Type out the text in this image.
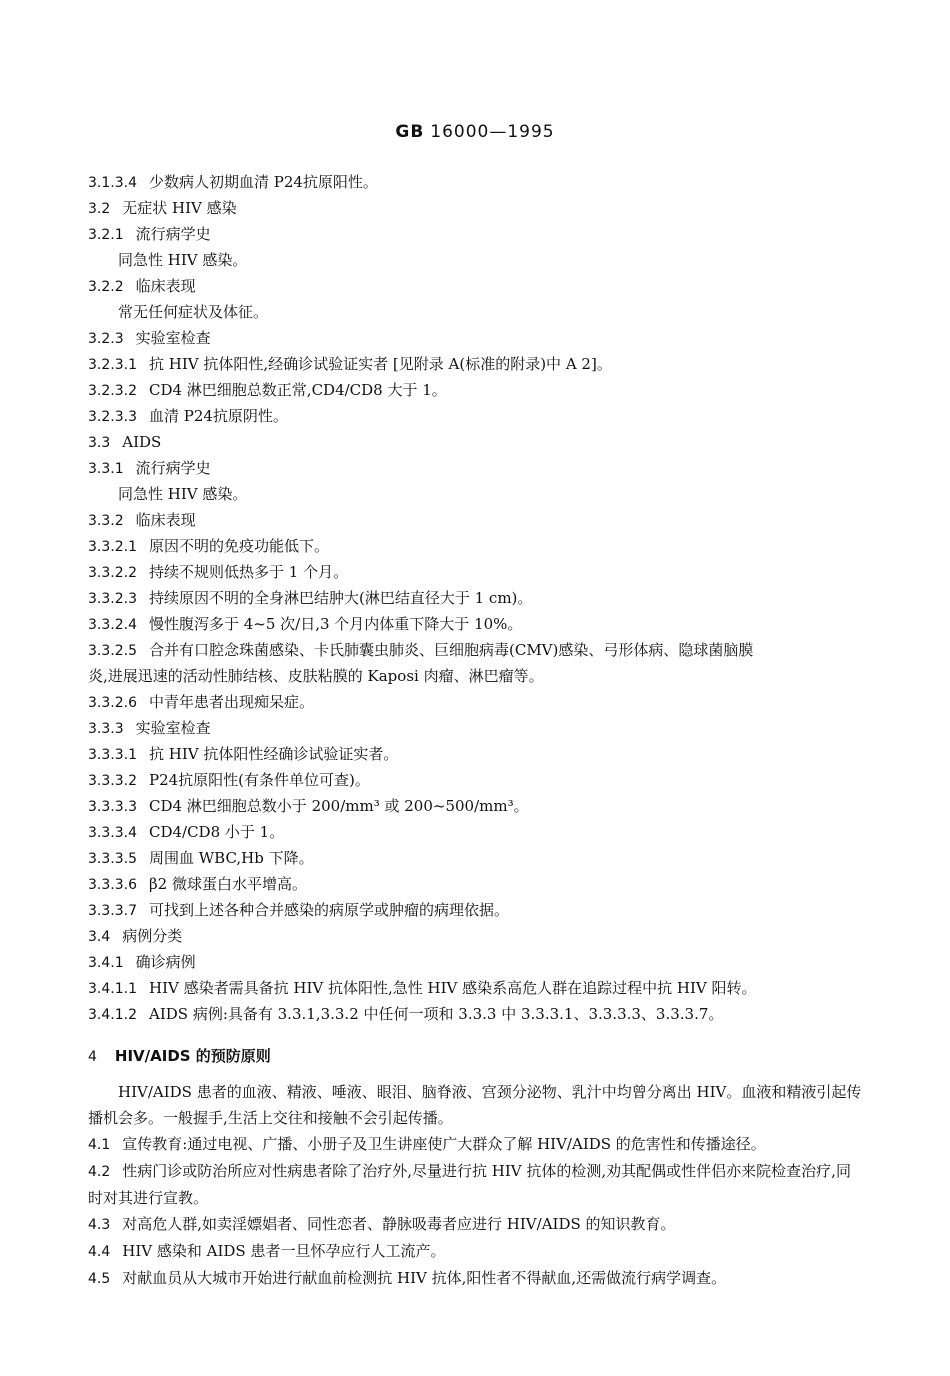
GB 16000—1995
3.1.3.4 少数病人初期血清 P24抗原阳性。
3.2 无症状 HIV 感染
3.2.1 流行病学史
同急性 HIV 感染。
3.2.2 临床表现
常无任何症状及体征。
3.2.3 实验室检查
3.2.3.1 抗 HIV 抗体阳性,经确诊试验证实者 [见附录 A(标准的附录)中 A 2]。
3.2.3.2 CD4 淋巴细胞总数正常,CD4/CD8 大于 1。
3.2.3.3 血清 P24抗原阴性。
3.3 AIDS
3.3.1 流行病学史
同急性 HIV 感染。
3.3.2 临床表现
3.3.2.1 原因不明的免疫功能低下。
3.3.2.2 持续不规则低热多于 1 个月。
3.3.2.3 持续原因不明的全身淋巴结肿大(淋巴结直径大于 1 cm)。
3.3.2.4 慢性腹泻多于 4~5 次/日,3 个月内体重下降大于 10%。
3.3.2.5 合并有口腔念珠菌感染、卡氏肺囊虫肺炎、巨细胞病毒(CMV)感染、弓形体病、隐球菌脑膜
炎,进展迅速的活动性肺结核、皮肤粘膜的 Kaposi 肉瘤、淋巴瘤等。
3.3.2.6 中青年患者出现痴呆症。
3.3.3 实验室检查
3.3.3.1 抗 HIV 抗体阳性经确诊试验证实者。
3.3.3.2 P24抗原阳性(有条件单位可查)。
3.3.3.3 CD4 淋巴细胞总数小于 200/mm³ 或 200~500/mm³。
3.3.3.4 CD4/CD8 小于 1。
3.3.3.5 周围血 WBC,Hb 下降。
3.3.3.6 β2 微球蛋白水平增高。
3.3.3.7 可找到上述各种合并感染的病原学或肿瘤的病理依据。
3.4 病例分类
3.4.1 确诊病例
3.4.1.1 HIV 感染者需具备抗 HIV 抗体阳性,急性 HIV 感染系高危人群在追踪过程中抗 HIV 阳转。
3.4.1.2 AIDS 病例:具备有 3.3.1,3.3.2 中任何一项和 3.3.3 中 3.3.3.1、3.3.3.3、3.3.3.7。
4 HIV/AIDS 的预防原则
HIV/AIDS 患者的血液、精液、唾液、眼泪、脑脊液、宫颈分泌物、乳汁中均曾分离出 HIV。血液和精液引起传播机会多。一般握手,生活上交往和接触不会引起传播。
4.1 宣传教育:通过电视、广播、小册子及卫生讲座使广大群众了解 HIV/AIDS 的危害性和传播途径。
4.2 性病门诊或防治所应对性病患者除了治疗外,尽量进行抗 HIV 抗体的检测,劝其配偶或性伴侣亦来院检查治疗,同时对其进行宣教。
4.3 对高危人群,如卖淫嫖娼者、同性恋者、静脉吸毒者应进行 HIV/AIDS 的知识教育。
4.4 HIV 感染和 AIDS 患者一旦怀孕应行人工流产。
4.5 对献血员从大城市开始进行献血前检测抗 HIV 抗体,阳性者不得献血,还需做流行病学调查。
